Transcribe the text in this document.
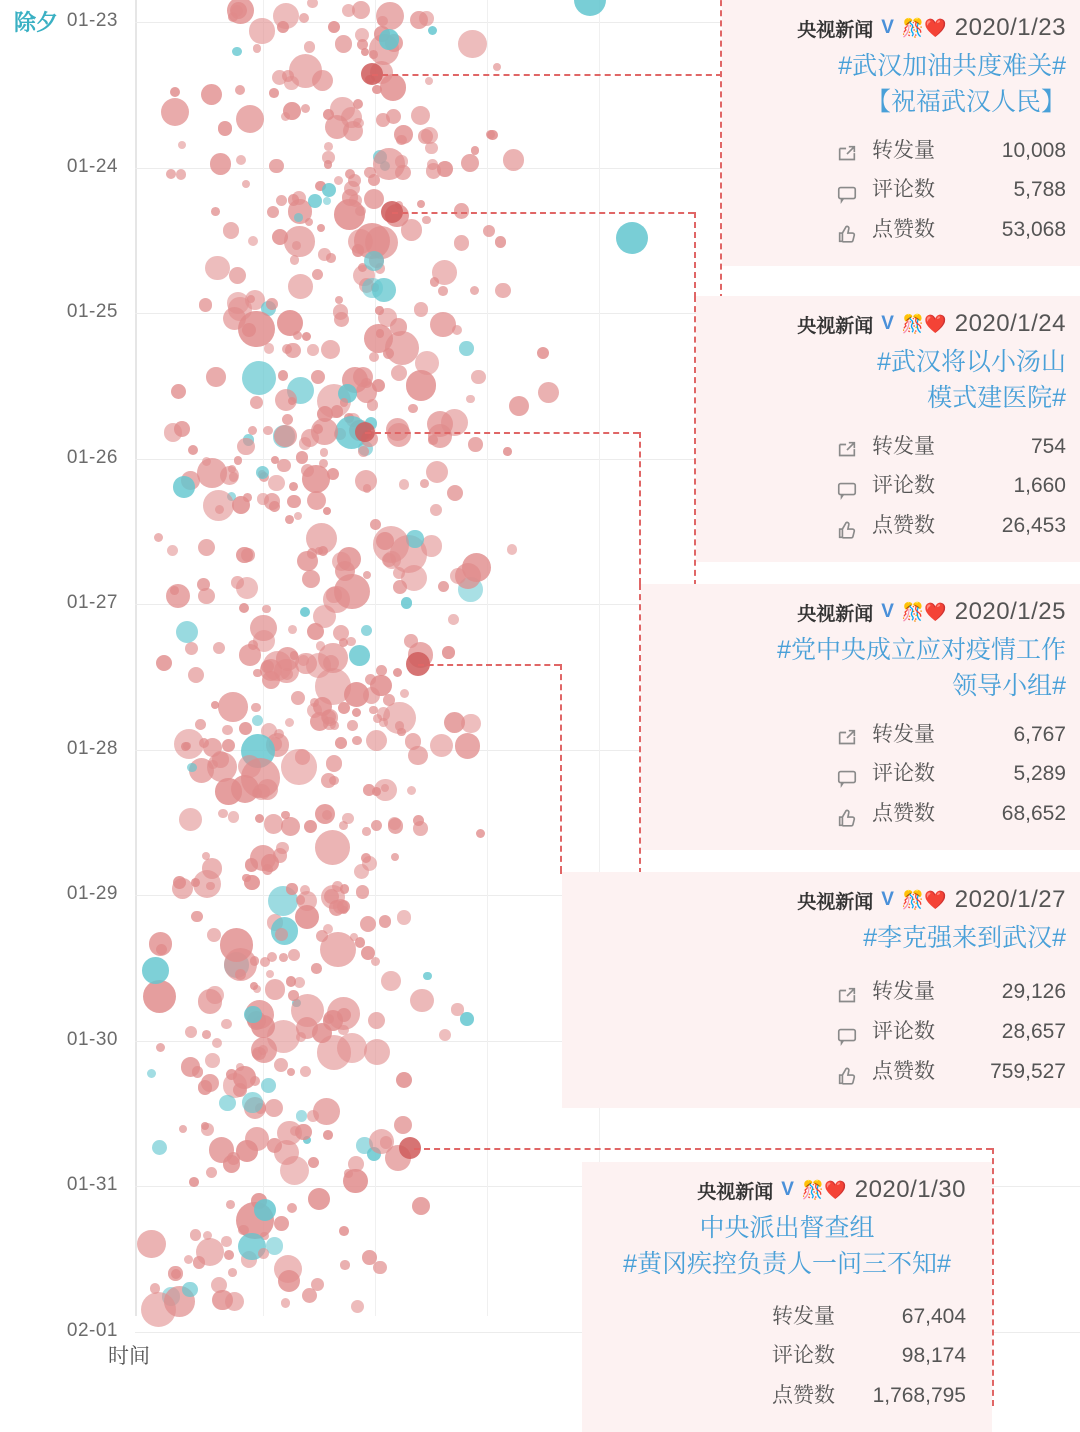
除夕
时间
01-23
01-24
01-25
01-26
01-27
01-28
01-29
01-30
01-31
02-01
央视新闻 V 🎊❤️ 2020/1/23
#武汉加油共度难关#
【祝福武汉人民】
转发量	10,008
评论数	5,788
点赞数	53,068
央视新闻 V 🎊❤️ 2020/1/24
#武汉将以小汤山
模式建医院#
转发量	754
评论数	1,660
点赞数	26,453
央视新闻 V 🎊❤️ 2020/1/25
#党中央成立应对疫情工作
领导小组#
转发量	6,767
评论数	5,289
点赞数	68,652
央视新闻 V 🎊❤️ 2020/1/27
#李克强来到武汉#
转发量	29,126
评论数	28,657
点赞数	759,527
央视新闻 V 🎊❤️ 2020/1/30
中央派出督查组
#黄冈疾控负责人一问三不知#
转发量	67,404
评论数	98,174
点赞数	1,768,795
